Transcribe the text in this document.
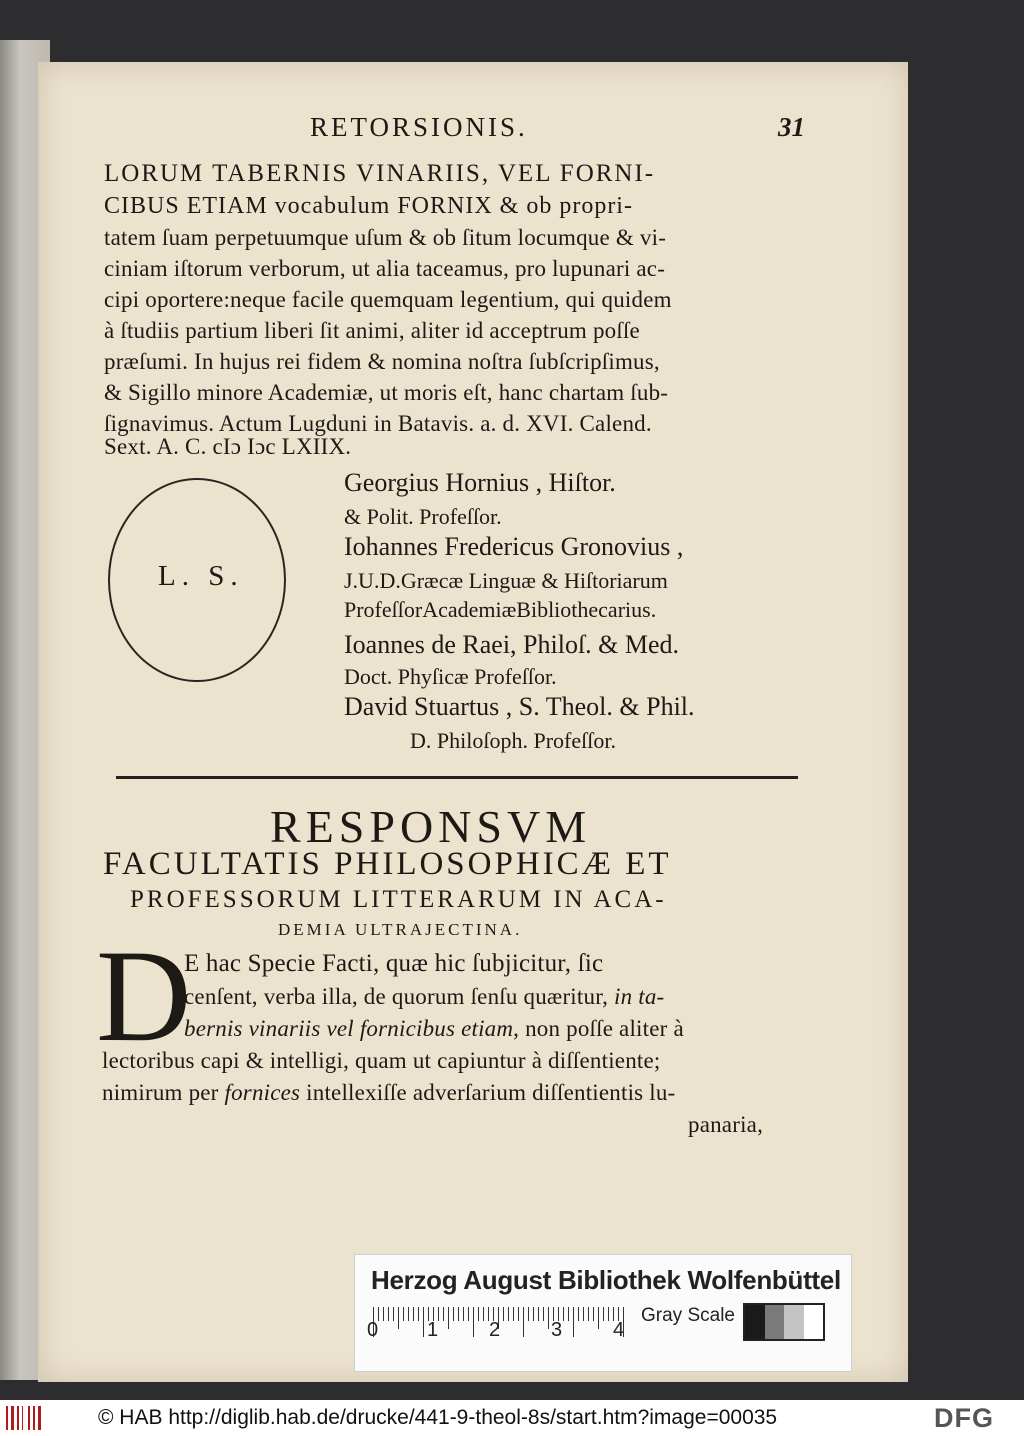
RETORSIONIS.	31
LORUM TABERNIS VINARIIS, VEL FORNI-
CIBUS ETIAM vocabulum FORNIX & ob propri-
tatem ſuam perpetuumque uſum & ob ſitum locumque & vi-
ciniam iſtorum verborum, ut alia taceamus, pro lupunari ac-
cipi oportere:neque facile quemquam legentium, qui quidem
à ſtudiis partium liberi ſit animi, aliter id acceptrum poſſe
præſumi. In hujus rei fidem & nomina noſtra ſubſcripſimus,
& Sigillo minore Academiæ, ut moris eſt, hanc chartam ſub-
ſignavimus. Actum Lugduni in Batavis. a. d. XVI. Calend.
Sext. A. C. cIɔ Iɔc LXIIX.
L. S.
Georgius Hornius , Hiſtor.
& Polit. Profeſſor.
Iohannes Fredericus Gronovius ,
J.U.D.Græcæ Linguæ & Hiſtoriarum
ProfeſſorAcademiæBibliothecarius.
Ioannes de Raei, Philoſ. & Med.
Doct. Phyſicæ Profeſſor.
David Stuartus , S. Theol. & Phil.
D. Philoſoph. Profeſſor.
RESPONSVM
FACULTATIS PHILOSOPHICÆ ET
PROFESSORUM LITTERARUM IN ACA-
DEMIA ULTRAJECTINA.
D
E hac Specie Facti, quæ hic ſubjicitur, ſic
cenſent, verba illa, de quorum ſenſu quæritur, in ta-
bernis vinariis vel fornicibus etiam, non poſſe aliter à
lectoribus capi & intelligi, quam ut capiuntur à diſſentiente;
nimirum per fornices intellexiſſe adverſarium diſſentientis lu-
panaria,
Herzog August Bibliothek Wolfenbüttel
0 1	2	3	4
Gray Scale
© HAB http://diglib.hab.de/drucke/441-9-theol-8s/start.htm?image=00035	DFG
